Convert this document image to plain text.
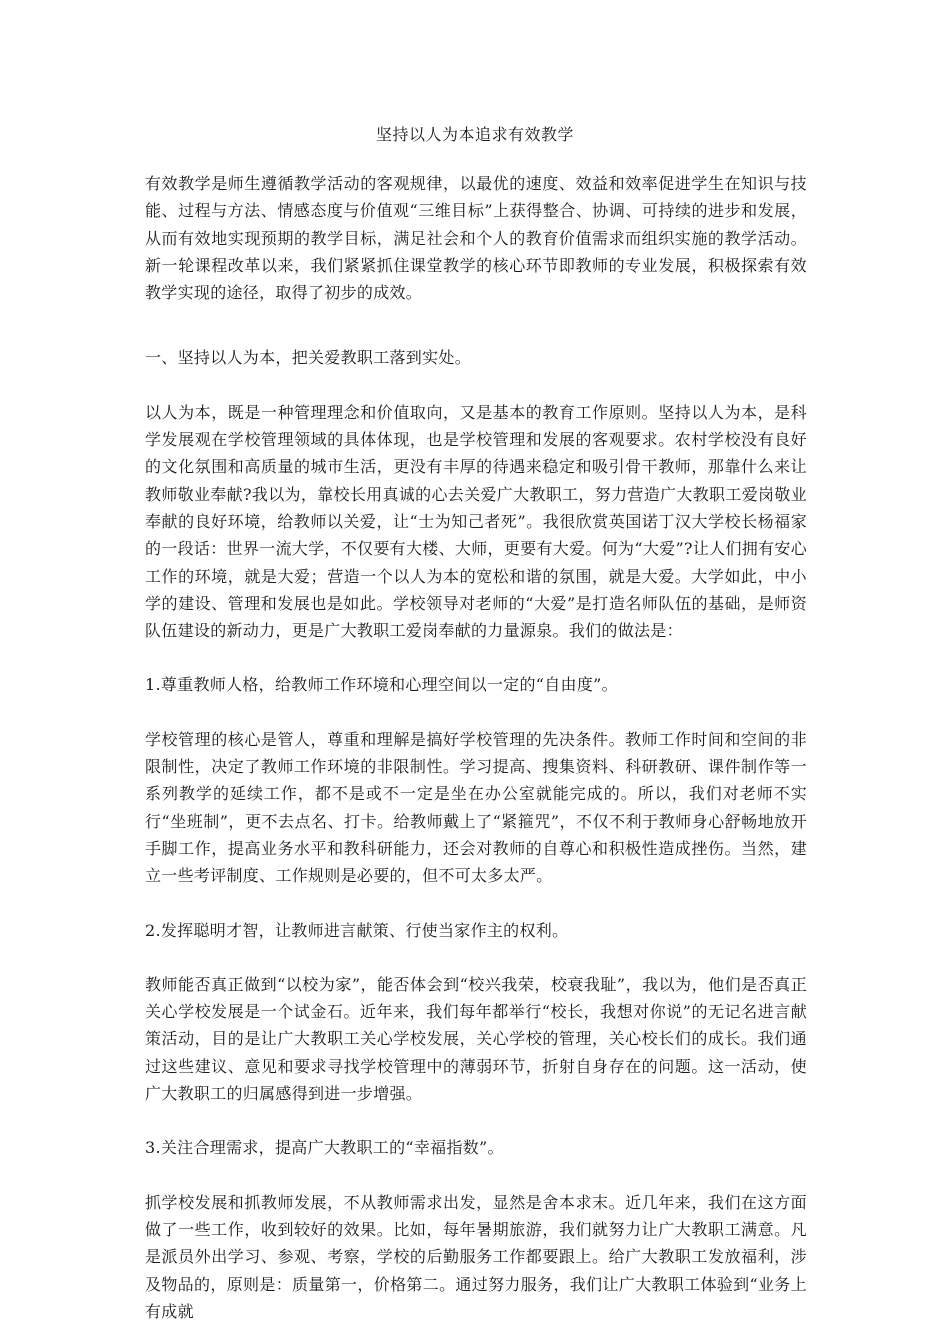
坚持以人为本追求有效教学

有效教学是师生遵循教学活动的客观规律，以最优的速度、效益和效率促进学生在知识与技能、过程与方法、情感态度与价值观“三维目标”上获得整合、协调、可持续的进步和发展，从而有效地实现预期的教学目标，满足社会和个人的教育价值需求而组织实施的教学活动。新一轮课程改革以来，我们紧紧抓住课堂教学的核心环节即教师的专业发展，积极探索有效教学实现的途径，取得了初步的成效。

一、坚持以人为本，把关爱教职工落到实处。

以人为本，既是一种管理理念和价值取向，又是基本的教育工作原则。坚持以人为本，是科学发展观在学校管理领域的具体体现，也是学校管理和发展的客观要求。农村学校没有良好的文化氛围和高质量的城市生活，更没有丰厚的待遇来稳定和吸引骨干教师，那靠什么来让教师敬业奉献?我以为，靠校长用真诚的心去关爱广大教职工，努力营造广大教职工爱岗敬业奉献的良好环境，给教师以关爱，让“士为知己者死”。我很欣赏英国诺丁汉大学校长杨福家的一段话：世界一流大学，不仅要有大楼、大师，更要有大爱。何为“大爱”?让人们拥有安心工作的环境，就是大爱；营造一个以人为本的宽松和谐的氛围，就是大爱。大学如此，中小学的建设、管理和发展也是如此。学校领导对老师的“大爱”是打造名师队伍的基础，是师资队伍建设的新动力，更是广大教职工爱岗奉献的力量源泉。我们的做法是：

1.尊重教师人格，给教师工作环境和心理空间以一定的“自由度”。

学校管理的核心是管人，尊重和理解是搞好学校管理的先决条件。教师工作时间和空间的非限制性，决定了教师工作环境的非限制性。学习提高、搜集资料、科研教研、课件制作等一系列教学的延续工作，都不是或不一定是坐在办公室就能完成的。所以，我们对老师不实行“坐班制”，更不去点名、打卡。给教师戴上了“紧箍咒”，不仅不利于教师身心舒畅地放开手脚工作，提高业务水平和教科研能力，还会对教师的自尊心和积极性造成挫伤。当然，建立一些考评制度、工作规则是必要的，但不可太多太严。

2.发挥聪明才智，让教师进言献策、行使当家作主的权利。

教师能否真正做到“以校为家”，能否体会到“校兴我荣，校衰我耻”，我以为，他们是否真正关心学校发展是一个试金石。近年来，我们每年都举行“校长，我想对你说”的无记名进言献策活动，目的是让广大教职工关心学校发展，关心学校的管理，关心校长们的成长。我们通过这些建议、意见和要求寻找学校管理中的薄弱环节，折射自身存在的问题。这一活动，使广大教职工的归属感得到进一步增强。

3.关注合理需求，提高广大教职工的“幸福指数”。

抓学校发展和抓教师发展，不从教师需求出发，显然是舍本求末。近几年来，我们在这方面做了一些工作，收到较好的效果。比如，每年暑期旅游，我们就努力让广大教职工满意。凡是派员外出学习、参观、考察，学校的后勤服务工作都要跟上。给广大教职工发放福利，涉及物品的，原则是：质量第一，价格第二。通过努力服务，我们让广大教职工体验到“业务上有成就
